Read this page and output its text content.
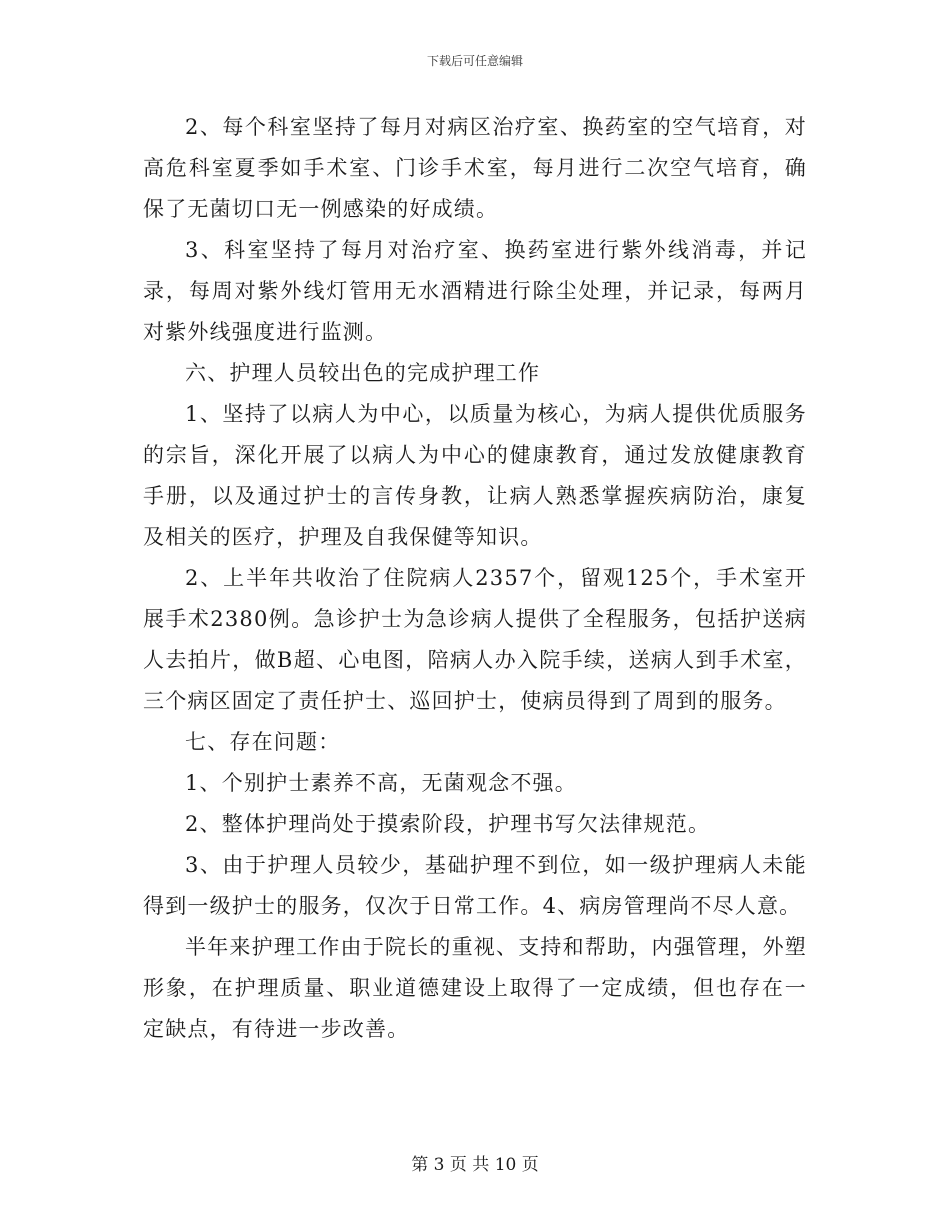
下载后可任意编辑

2、每个科室坚持了每月对病区治疗室、换药室的空气培育，对高危科室夏季如手术室、门诊手术室，每月进行二次空气培育，确保了无菌切口无一例感染的好成绩。

3、科室坚持了每月对治疗室、换药室进行紫外线消毒，并记录，每周对紫外线灯管用无水酒精进行除尘处理，并记录，每两月对紫外线强度进行监测。

六、护理人员较出色的完成护理工作

1、坚持了以病人为中心，以质量为核心，为病人提供优质服务的宗旨，深化开展了以病人为中心的健康教育，通过发放健康教育手册，以及通过护士的言传身教，让病人熟悉掌握疾病防治，康复及相关的医疗，护理及自我保健等知识。

2、上半年共收治了住院病人2357个，留观125个，手术室开展手术2380例。急诊护士为急诊病人提供了全程服务，包括护送病人去拍片，做B超、心电图，陪病人办入院手续，送病人到手术室，三个病区固定了责任护士、巡回护士，使病员得到了周到的服务。

七、存在问题：

1、个别护士素养不高，无菌观念不强。

2、整体护理尚处于摸索阶段，护理书写欠法律规范。

3、由于护理人员较少，基础护理不到位，如一级护理病人未能得到一级护士的服务，仅次于日常工作。4、病房管理尚不尽人意。

半年来护理工作由于院长的重视、支持和帮助，内强管理，外塑形象，在护理质量、职业道德建设上取得了一定成绩，但也存在一定缺点，有待进一步改善。

第 3 页 共 10 页
